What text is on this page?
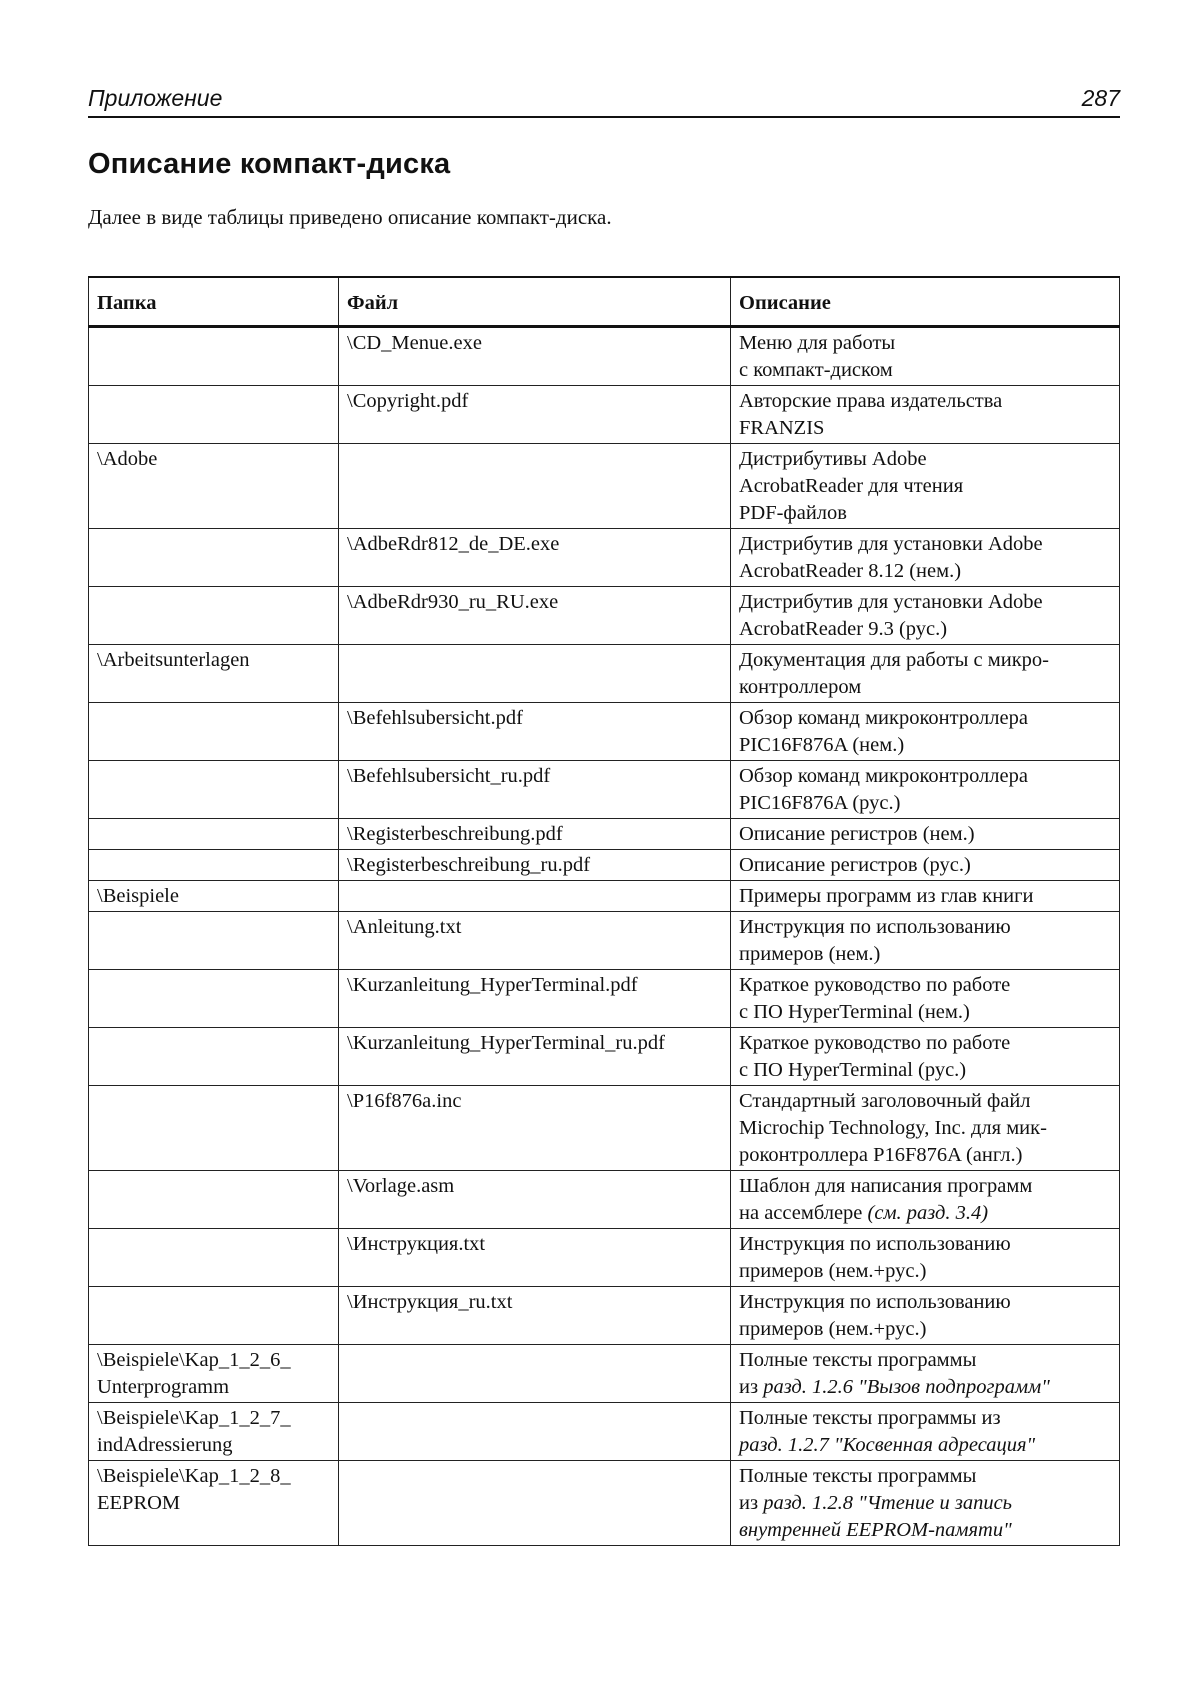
Приложение	287
Описание компакт-диска

Далее в виде таблицы приведено описание компакт-диска.

Папка	Файл	Описание
	\CD_Menue.exe	Меню для работы
с компакт-диском

	\Copyright.pdf	Авторские права издательства
FRANZIS

\Adobe		Дистрибутивы Adobe
AcrobatReader для чтения
PDF-файлов

	\AdbeRdr812_de_DE.exe	Дистрибутив для установки Adobe
AcrobatReader 8.12 (нем.)

	\AdbeRdr930_ru_RU.exe	Дистрибутив для установки Adobe
AcrobatReader 9.3 (рус.)

\Arbeitsunterlagen		Документация для работы с микро-
контроллером

	\Befehlsubersicht.pdf	Обзор команд микроконтроллера
PIC16F876A (нем.)

	\Befehlsubersicht_ru.pdf	Обзор команд микроконтроллера
PIC16F876A (рус.)

	\Registerbeschreibung.pdf	Описание регистров (нем.)

	\Registerbeschreibung_ru.pdf	Описание регистров (рус.)

\Beispiele		Примеры программ из глав книги

	\Anleitung.txt	Инструкция по использованию
примеров (нем.)

	\Kurzanleitung_HyperTerminal.pdf	Краткое руководство по работе
с ПО HyperTerminal (нем.)

	\Kurzanleitung_HyperTerminal_ru.pdf	Краткое руководство по работе
с ПО HyperTerminal (рус.)

	\P16f876a.inc	Стандартный заголовочный файл
Microchip Technology, Inc. для мик-
роконтроллера P16F876A (англ.)

	\Vorlage.asm	Шаблон для написания программ
на ассемблере (см. разд. 3.4)

	\Инструкция.txt	Инструкция по использованию
примеров (нем.+рус.)

	\Инструкция_ru.txt	Инструкция по использованию
примеров (нем.+рус.)

\Beispiele\Kap_1_2_6_ Unterprogramm		Полные тексты программы
из разд. 1.2.6 "Вызов подпрограмм"

\Beispiele\Kap_1_2_7_ indAdressierung		Полные тексты программы из
разд. 1.2.7 "Косвенная адресация"

\Beispiele\Kap_1_2_8_ EEPROM		Полные тексты программы
из разд. 1.2.8 "Чтение и запись
внутренней EEPROM-памяти"
